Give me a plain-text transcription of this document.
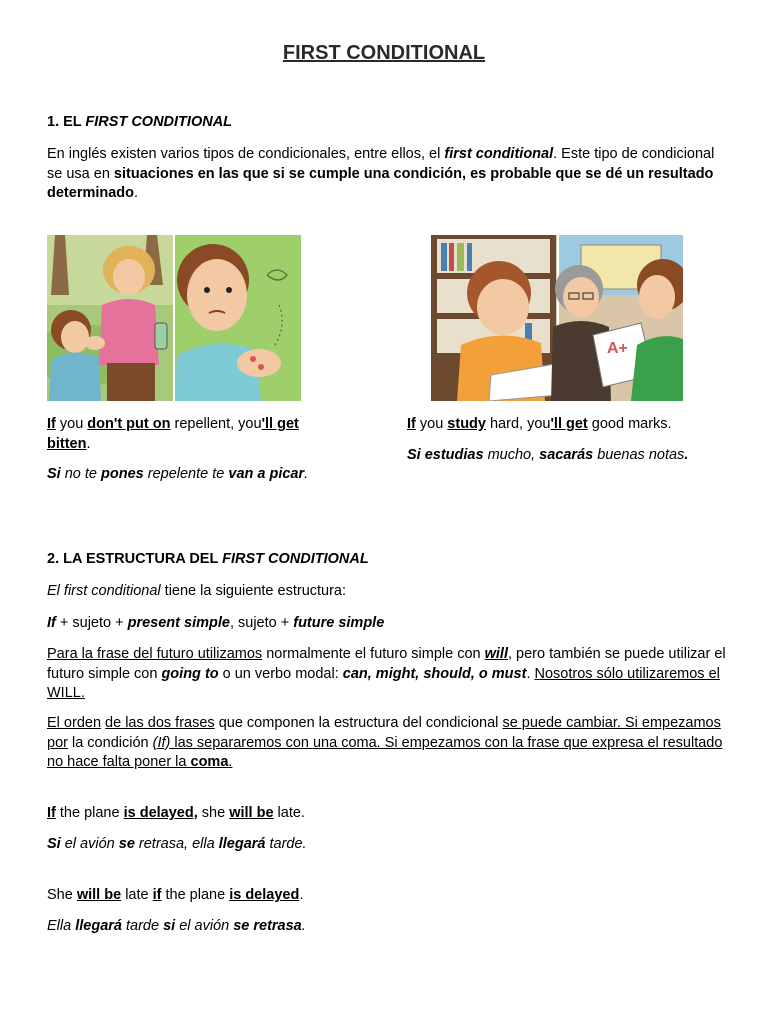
FIRST CONDITIONAL

1. EL FIRST CONDITIONAL

En inglés existen varios tipos de condicionales, entre ellos, el first conditional. Este tipo de condicional se usa en situaciones en las que si se cumple una condición, es probable que se dé un resultado determinado.

A+

If you don't put on repellent, you'll get bitten.

Si no te pones repelente te van a picar.

If you study hard, you'll get good marks.

Si estudias mucho, sacarás buenas notas.

2. LA ESTRUCTURA DEL FIRST CONDITIONAL

El first conditional tiene la siguiente estructura:

If + sujeto + present simple, sujeto + future simple

Para la frase del futuro utilizamos normalmente el futuro simple con will, pero también se puede utilizar el futuro simple con going to o un verbo modal: can, might, should, o must. Nosotros sólo utilizaremos el WILL.

El orden de las dos frases que componen la estructura del condicional se puede cambiar. Si empezamos por la condición (If) las separaremos con una coma. Si empezamos con la frase que expresa el resultado no hace falta poner la coma.

If the plane is delayed, she will be late.

Si el avión se retrasa, ella llegará tarde.

She will be late if the plane is delayed.

Ella llegará tarde si el avión se retrasa.
